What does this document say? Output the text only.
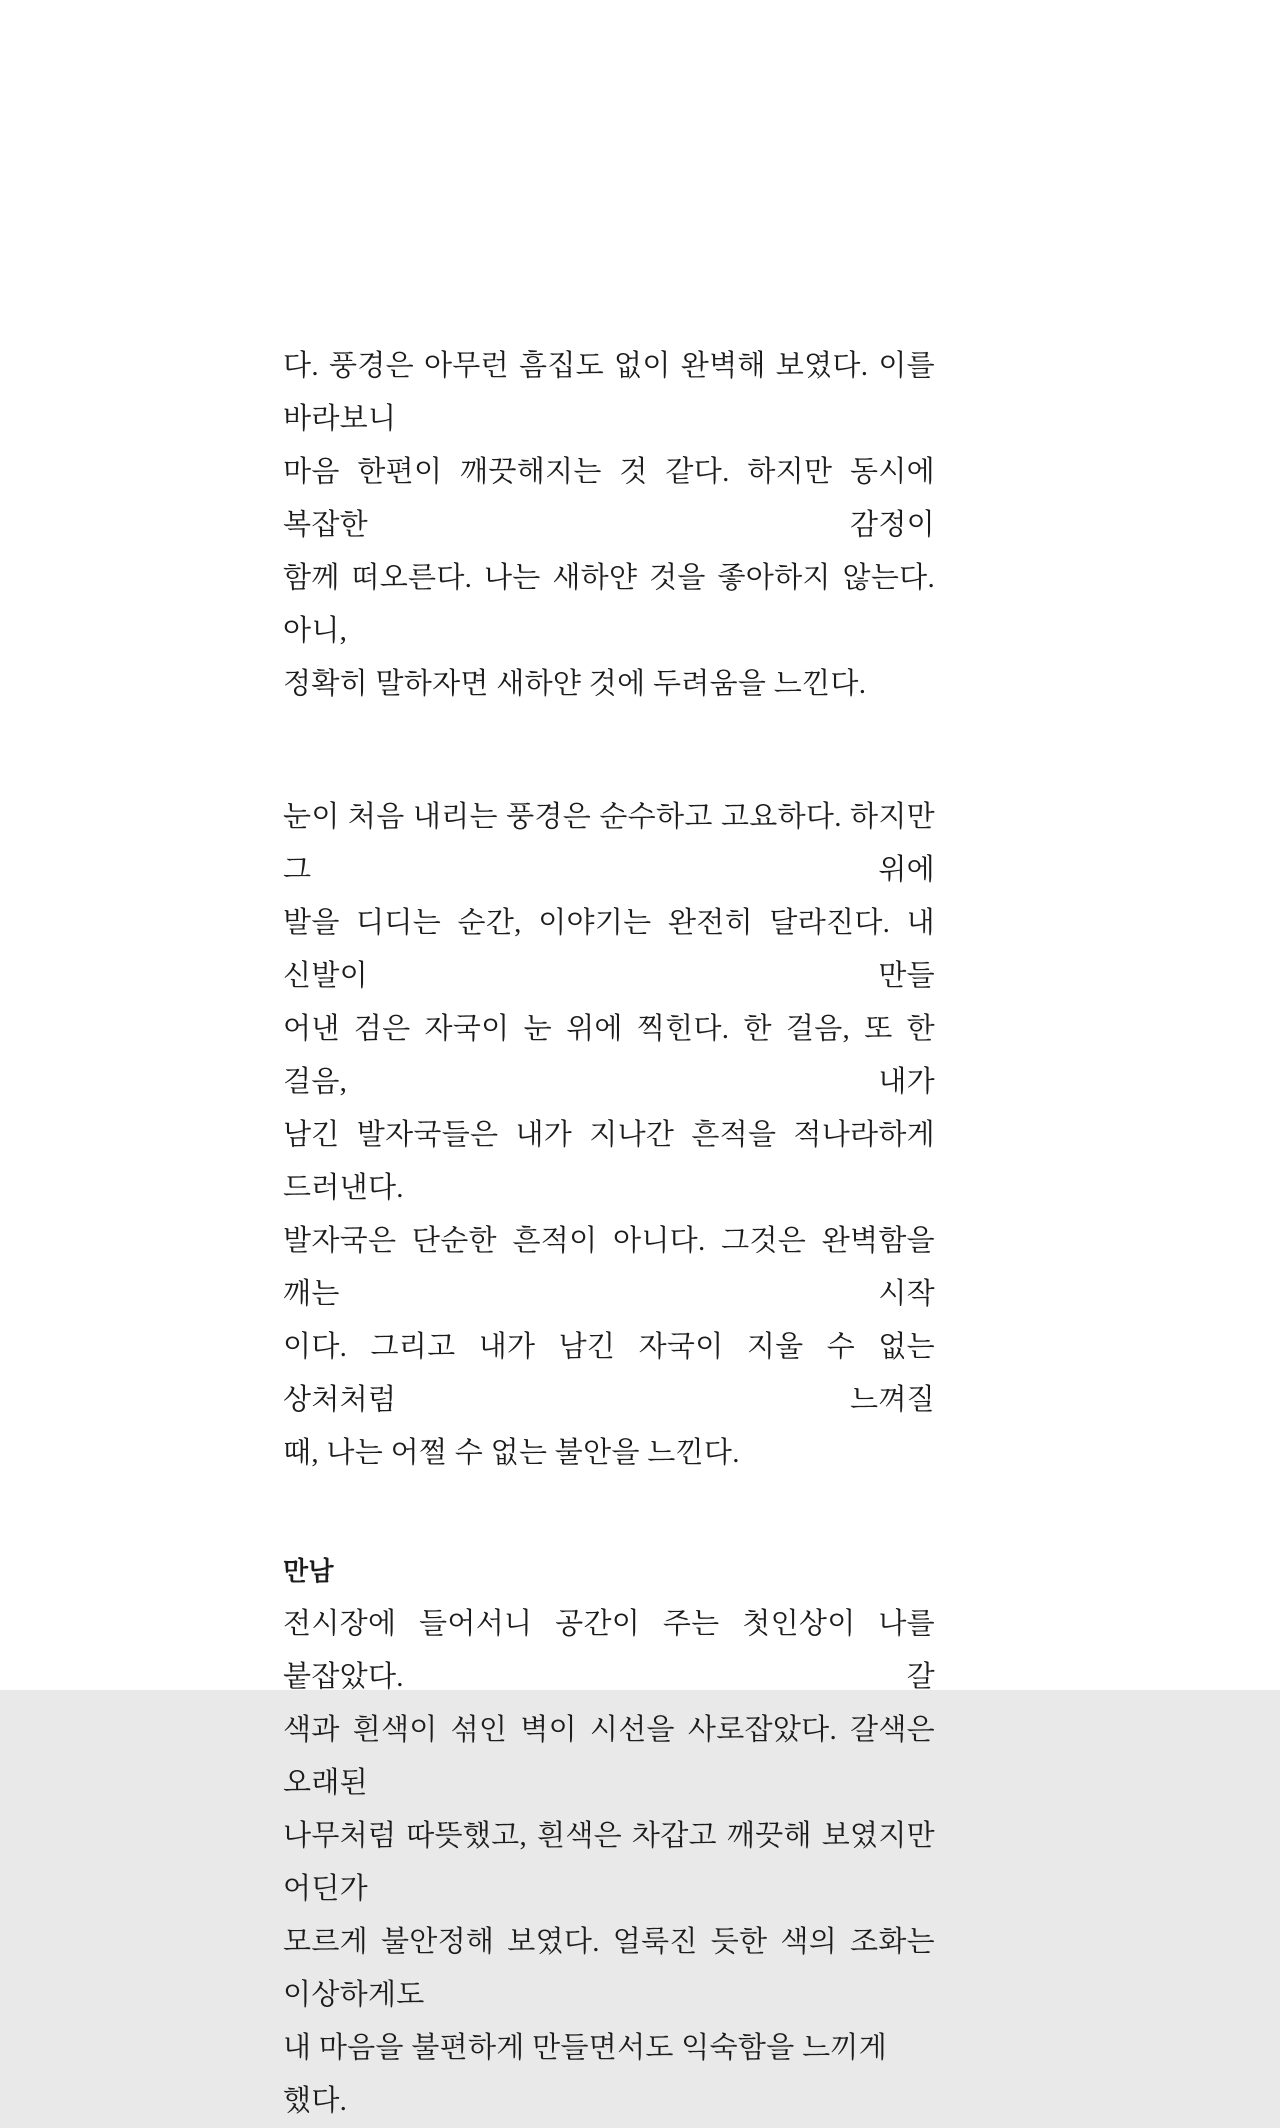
다. 풍경은 아무런 흠집도 없이 완벽해 보였다. 이를 바라보니
마음 한편이 깨끗해지는 것 같다. 하지만 동시에 복잡한 감정이
함께 떠오른다. 나는 새하얀 것을 좋아하지 않는다. 아니,
정확히 말하자면 새하얀 것에 두려움을 느낀다.
눈이 처음 내리는 풍경은 순수하고 고요하다. 하지만 그 위에
발을 디디는 순간, 이야기는 완전히 달라진다. 내 신발이 만들
어낸 검은 자국이 눈 위에 찍힌다. 한 걸음, 또 한 걸음, 내가
남긴 발자국들은 내가 지나간 흔적을 적나라하게 드러낸다.
발자국은 단순한 흔적이 아니다. 그것은 완벽함을 깨는 시작
이다. 그리고 내가 남긴 자국이 지울 수 없는 상처처럼 느껴질
때, 나는 어쩔 수 없는 불안을 느낀다.
만남
전시장에 들어서니 공간이 주는 첫인상이 나를 붙잡았다. 갈
색과 흰색이 섞인 벽이 시선을 사로잡았다. 갈색은 오래된
나무처럼 따뜻했고, 흰색은 차갑고 깨끗해 보였지만 어딘가
모르게 불안정해 보였다. 얼룩진 듯한 색의 조화는 이상하게도
내 마음을 불편하게 만들면서도 익숙함을 느끼게 했다.
